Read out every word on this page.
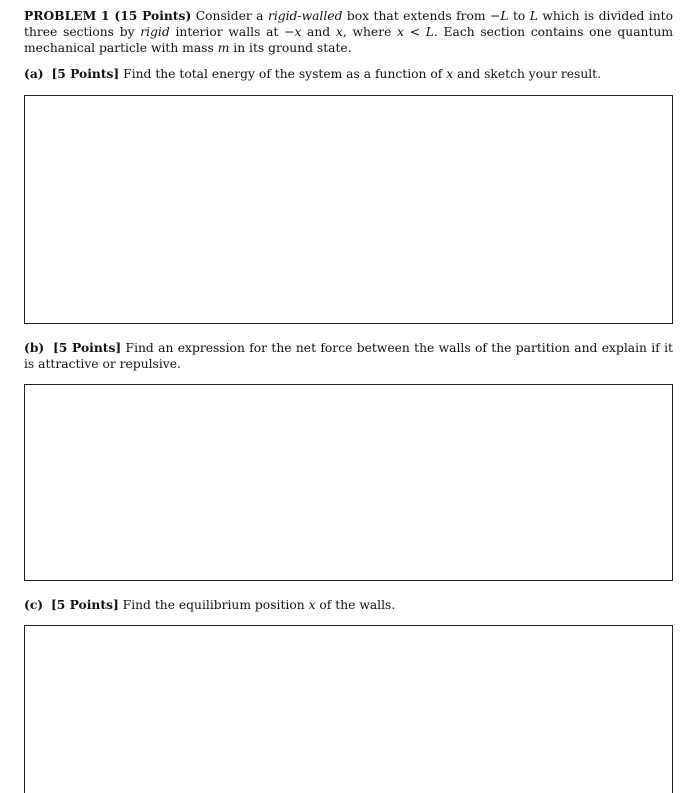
PROBLEM 1 (15 Points) Consider a rigid-walled box that extends from −L to L which is divided into three sections by rigid interior walls at −x and x, where x < L. Each section contains one quantum mechanical particle with mass m in its ground state.
(a) [5 Points] Find the total energy of the system as a function of x and sketch your result.
(b) [5 Points] Find an expression for the net force between the walls of the partition and explain if it is attractive or repulsive.
(c) [5 Points] Find the equilibrium position x of the walls.
